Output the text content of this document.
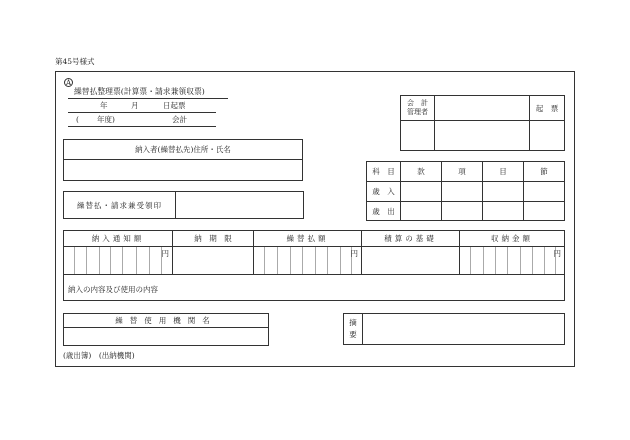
第45号様式
A
繰替払整理票(計算票・請求兼領収票)
年	月	日起票
( 年度)	会計
会　計
管理者		起　票

納入者(繰替払先)住所・氏名

科　目	款	項	目	節
歳　入				
歳　出				
繰替払・請求兼受領印	
納入通知額	納　期　限	繰替払額	積算の基礎	収納金額

円		円		円

納入の内容及び使用の内容				
繰替使用機関名	摘
要	
(歳出簿)　(出納機関)
